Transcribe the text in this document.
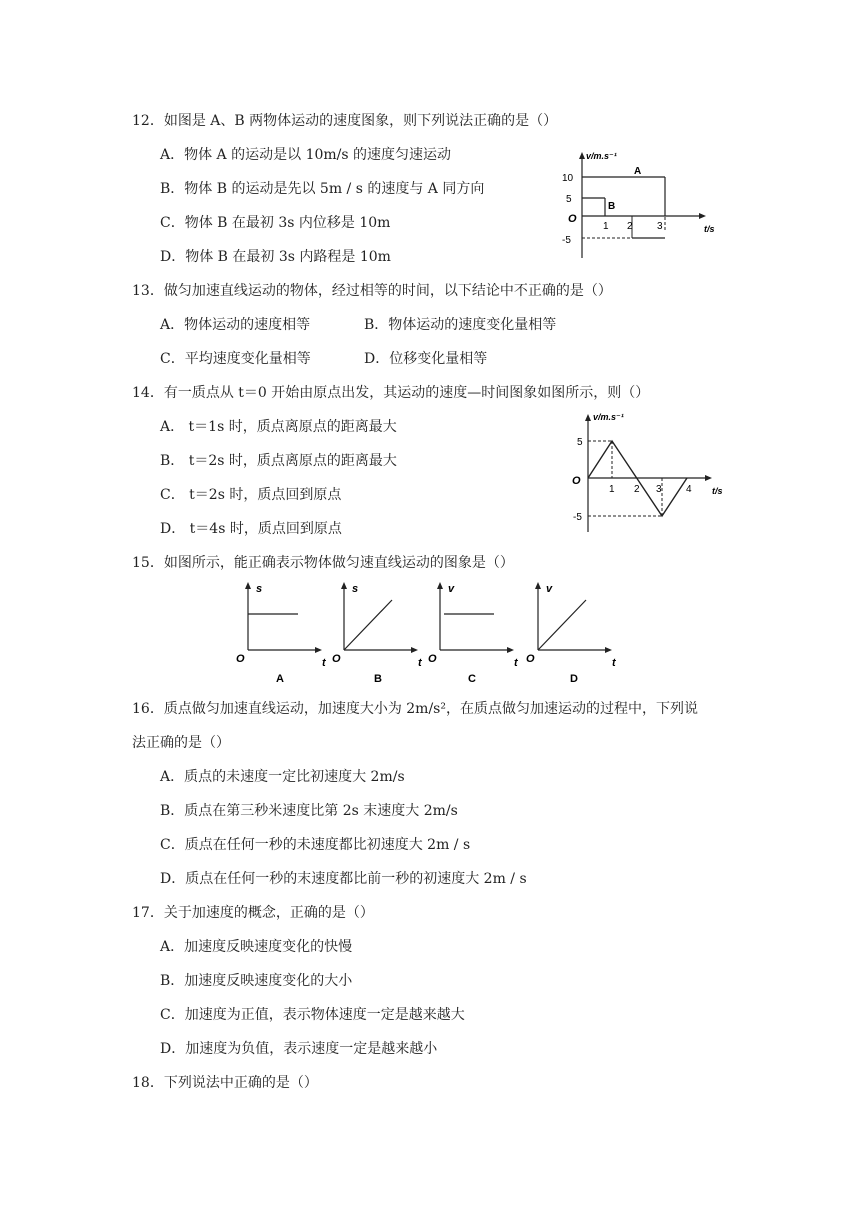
12．如图是 A、B 两物体运动的速度图象，则下列说法正确的是（）
A．物体 A 的运动是以 10m/s 的速度匀速运动
B．物体 B 的运动是先以 5m / s 的速度与 A 同方向
C．物体 B 在最初 3s 内位移是 10m
D．物体 B 在最初 3s 内路程是 10m
v/m.s⁻¹
t/s
O
10
5
-5
1 2 3
A
B
13．做匀加速直线运动的物体，经过相等的时间，以下结论中不正确的是（）
A．物体运动的速度相等	B．物体运动的速度变化量相等
C．平均速度变化量相等	D．位移变化量相等
14．有一质点从 t＝0 开始由原点出发，其运动的速度—时间图象如图所示，则（）
A． t＝1s 时，质点离原点的距离最大
B． t＝2s 时，质点离原点的距离最大
C． t＝2s 时，质点回到原点
D． t＝4s 时，质点回到原点
v/m.s⁻¹
t/s
O
5
-5
1 2 3 4
15．如图所示，能正确表示物体做匀速直线运动的图象是（）
s
t
O
A
s
t
O
B
v
t
O
C
v
t
O
D
16．质点做匀加速直线运动，加速度大小为 2m/s²，在质点做匀加速运动的过程中，下列说
法正确的是（）
A．质点的未速度一定比初速度大 2m/s
B．质点在第三秒米速度比第 2s 末速度大 2m/s
C．质点在任何一秒的未速度都比初速度大 2m / s
D．质点在任何一秒的末速度都比前一秒的初速度大 2m / s
17．关于加速度的概念，正确的是（）
A．加速度反映速度变化的快慢
B．加速度反映速度变化的大小
C．加速度为正值，表示物体速度一定是越来越大
D．加速度为负值，表示速度一定是越来越小
18．下列说法中正确的是（）
